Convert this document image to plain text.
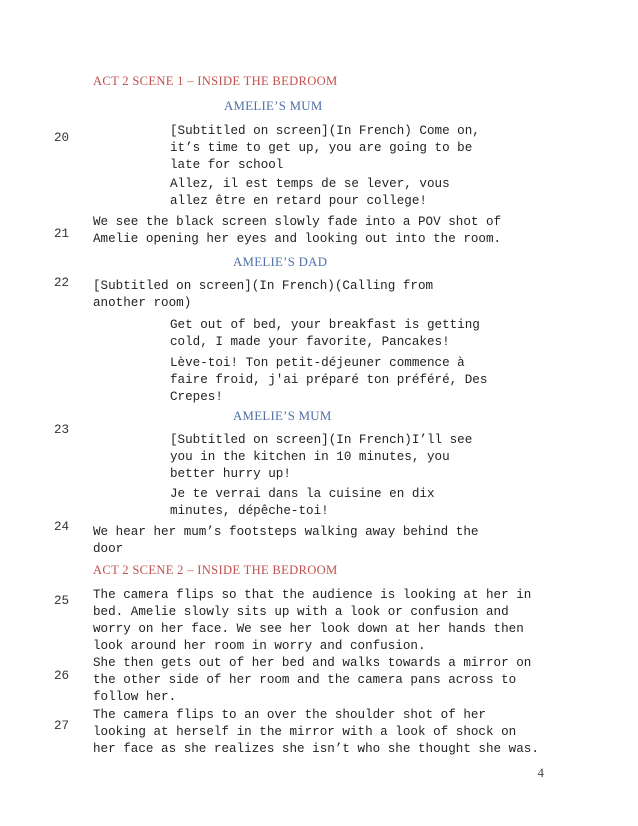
ACT 2 SCENE 1 – INSIDE THE BEDROOM
AMELIE’S MUM
20	[Subtitled on screen](In French) Come on,
it’s time to get up, you are going to be
late for school
Allez, il est temps de se lever, vous
allez être en retard pour college!
21
We see the black screen slowly fade into a POV shot of
Amelie opening her eyes and looking out into the room.
AMELIE’S DAD
22	[Subtitled on screen](In French)(Calling from
another room)
Get out of bed, your breakfast is getting
cold, I made your favorite, Pancakes!
Lève-toi! Ton petit-déjeuner commence à
faire froid, j'ai préparé ton préféré, Des
Crepes!
AMELIE’S MUM
23
[Subtitled on screen](In French)I’ll see
you in the kitchen in 10 minutes, you
better hurry up!
Je te verrai dans la cuisine en dix
minutes, dépêche-toi!
24	We hear her mum’s footsteps walking away behind the
door
ACT 2 SCENE 2 – INSIDE THE BEDROOM
25	The camera flips so that the audience is looking at her in
bed. Amelie slowly sits up with a look or confusion and
worry on her face. We see her look down at her hands then
look around her room in worry and confusion.
26
She then gets out of her bed and walks towards a mirror on
the other side of her room and the camera pans across to
follow her.
27
The camera flips to an over the shoulder shot of her
looking at herself in the mirror with a look of shock on
her face as she realizes she isn’t who she thought she was.
4
